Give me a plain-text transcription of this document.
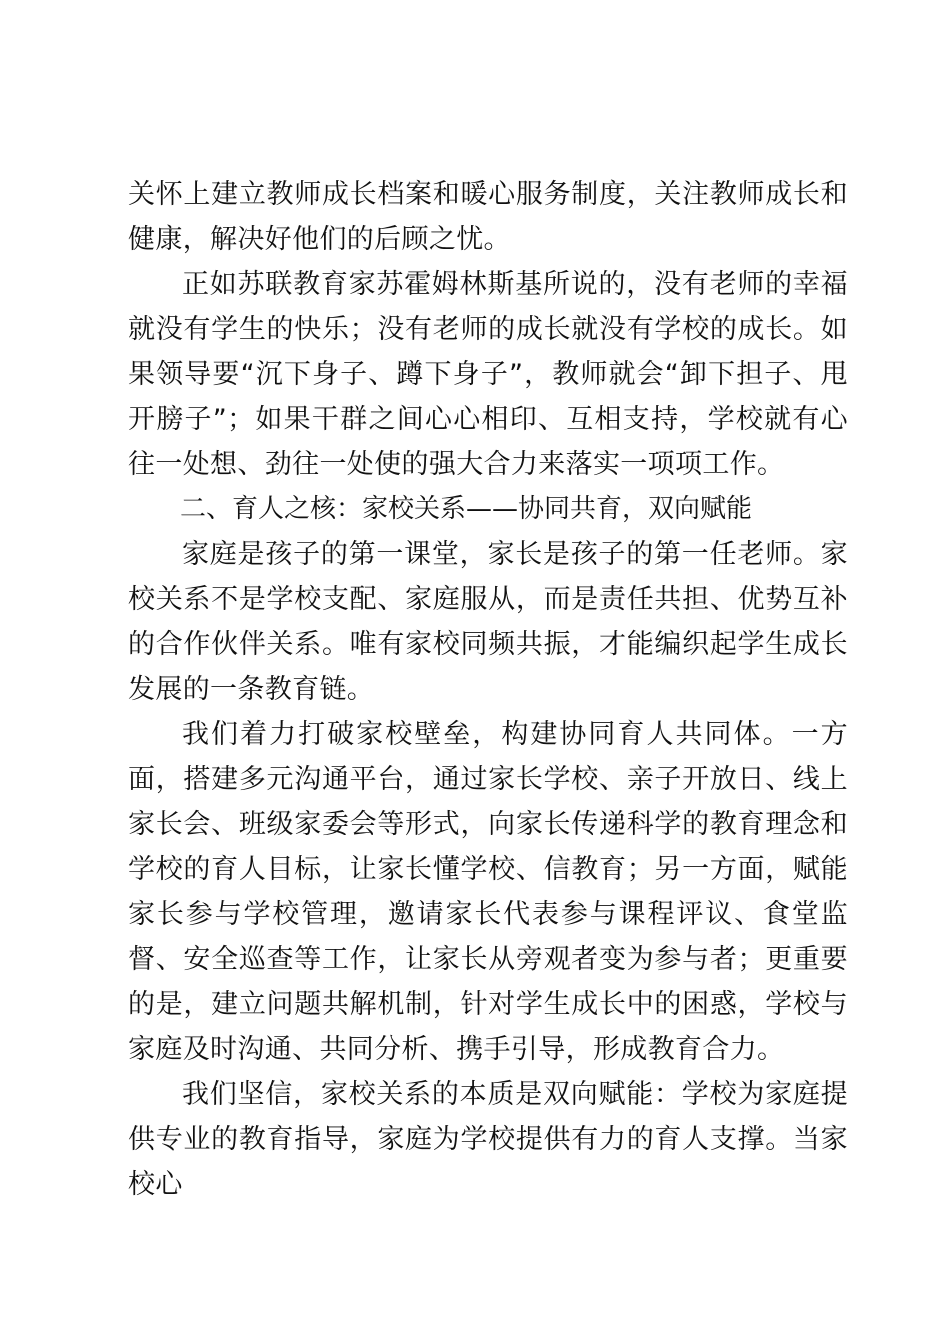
关怀上建立教师成长档案和暖心服务制度，关注教师成长和健康，解决好他们的后顾之忧。

正如苏联教育家苏霍姆林斯基所说的，没有老师的幸福就没有学生的快乐；没有老师的成长就没有学校的成长。如果领导要“沉下身子、蹲下身子”，教师就会“卸下担子、甩开膀子”；如果干群之间心心相印、互相支持，学校就有心往一处想、劲往一处使的强大合力来落实一项项工作。

二、育人之核：家校关系——协同共育，双向赋能

家庭是孩子的第一课堂，家长是孩子的第一任老师。家校关系不是学校支配、家庭服从，而是责任共担、优势互补的合作伙伴关系。唯有家校同频共振，才能编织起学生成长发展的一条教育链。

我们着力打破家校壁垒，构建协同育人共同体。一方面，搭建多元沟通平台，通过家长学校、亲子开放日、线上家长会、班级家委会等形式，向家长传递科学的教育理念和学校的育人目标，让家长懂学校、信教育；另一方面，赋能家长参与学校管理，邀请家长代表参与课程评议、食堂监督、安全巡查等工作，让家长从旁观者变为参与者；更重要的是，建立问题共解机制，针对学生成长中的困惑，学校与家庭及时沟通、共同分析、携手引导，形成教育合力。

我们坚信，家校关系的本质是双向赋能：学校为家庭提供专业的教育指导，家庭为学校提供有力的育人支撑。当家校心
